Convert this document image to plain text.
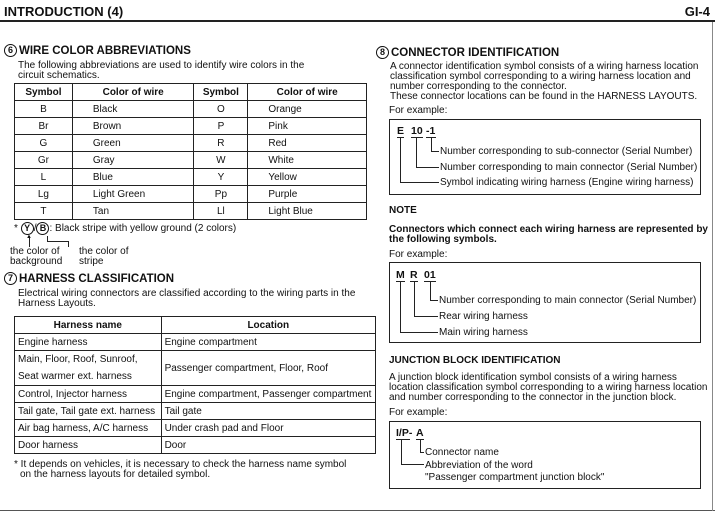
INTRODUCTION (4)	GI-4
6 WIRE COLOR ABBREVIATIONS
The following abbreviations are used to identify wire colors in the
circuit schematics.
Symbol	Color of wire	Symbol	Color of wire
B	Black	O	Orange
Br	Brown	P	Pink
G	Green	R	Red
Gr	Gray	W	White
L	Blue	Y	Yellow
Lg	Light Green	Pp	Purple
T	Tan	Ll	Light Blue
* Y / B : Black stripe with yellow ground (2 colors)
▲
the color of
background
the color of
stripe
7 HARNESS CLASSIFICATION
Electrical wiring connectors are classified according to the wiring parts in the
Harness Layouts.
Harness name	Location
Engine harness	Engine compartment

Main, Floor, Roof, Sunroof,
Seat warmer ext. harness	Passenger compartment, Floor, Roof
Control, Injector harness	Engine compartment, Passenger compartment
Tail gate, Tail gate ext. harness	Tail gate
Air bag harness, A/C harness	Under crash pad and Floor
Door harness	Door
* It depends on vehicles, it is necessary to check the harness name symbol
on the harness layouts for detailed symbol.
8 CONNECTOR IDENTIFICATION
A connector identification symbol consists of a wiring harness location
classification symbol corresponding to a wiring harness location and
number corresponding to the connector.
These connector locations can be found in the HARNESS LAYOUTS.
For example:
E 10 -1
Number corresponding to sub-connector (Serial Number)
Number corresponding to main connector (Serial Number)
Symbol indicating wiring harness (Engine wiring harness)
NOTE
Connectors which connect each wiring harness are represented by
the following symbols.
For example:
M R 01
Number corresponding to main connector (Serial Number)
Rear wiring harness
Main wiring harness
JUNCTION BLOCK IDENTIFICATION
A junction block identification symbol consists of a wiring harness
location classification symbol corresponding to a wiring harness location
and number corresponding to the connector in the junction block.
For example:
I/P- A
Connector name
Abbreviation of the word
"Passenger compartment junction block"
